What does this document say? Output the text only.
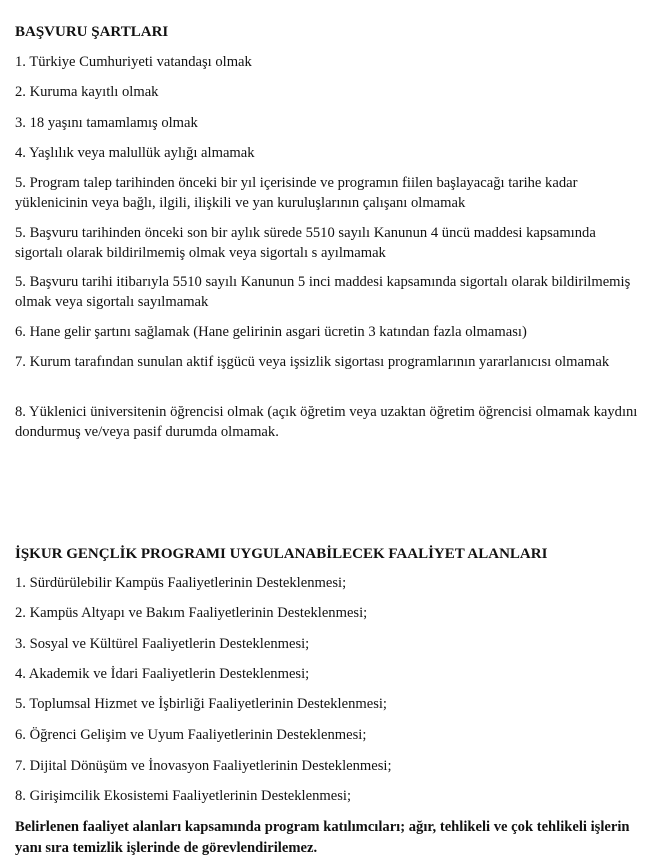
BAŞVURU ŞARTLARI
1. Türkiye Cumhuriyeti vatandaşı olmak
2. Kuruma kayıtlı olmak
3. 18 yaşını tamamlamış olmak
4. Yaşlılık veya malullük aylığı almamak
5. Program talep tarihinden önceki bir yıl içerisinde ve programın fiilen başlayacağı tarihe kadar yüklenicinin veya bağlı, ilgili, ilişkili ve yan kuruluşlarının çalışanı olmamak
5. Başvuru tarihinden önceki son bir aylık sürede 5510 sayılı Kanunun 4 üncü maddesi kapsamında sigortalı olarak bildirilmemiş olmak veya sigortalı s ayılmamak
5. Başvuru tarihi itibarıyla 5510 sayılı Kanunun 5 inci maddesi kapsamında sigortalı olarak bildirilmemiş olmak veya sigortalı sayılmamak
6. Hane gelir şartını sağlamak (Hane gelirinin asgari ücretin 3 katından fazla olmaması)
7. Kurum tarafından sunulan aktif işgücü veya işsizlik sigortası programlarının yararlanıcısı olmamak
8. Yüklenici üniversitenin öğrencisi olmak (açık öğretim veya uzaktan öğretim öğrencisi olmamak kaydını dondurmuş ve/veya pasif durumda olmamak.
İŞKUR GENÇLİK PROGRAMI UYGULANABİLECEK FAALİYET ALANLARI
1. Sürdürülebilir Kampüs Faaliyetlerinin Desteklenmesi;
2. Kampüs Altyapı ve Bakım Faaliyetlerinin Desteklenmesi;
3. Sosyal ve Kültürel Faaliyetlerin Desteklenmesi;
4. Akademik ve İdari Faaliyetlerin Desteklenmesi;
5. Toplumsal Hizmet ve İşbirliği Faaliyetlerinin Desteklenmesi;
6. Öğrenci Gelişim ve Uyum Faaliyetlerinin Desteklenmesi;
7. Dijital Dönüşüm ve İnovasyon Faaliyetlerinin Desteklenmesi;
8. Girişimcilik Ekosistemi Faaliyetlerinin Desteklenmesi;
Belirlenen faaliyet alanları kapsamında program katılımcıları; ağır, tehlikeli ve çok tehlikeli işlerin yanı sıra temizlik işlerinde de görevlendirilemez.
